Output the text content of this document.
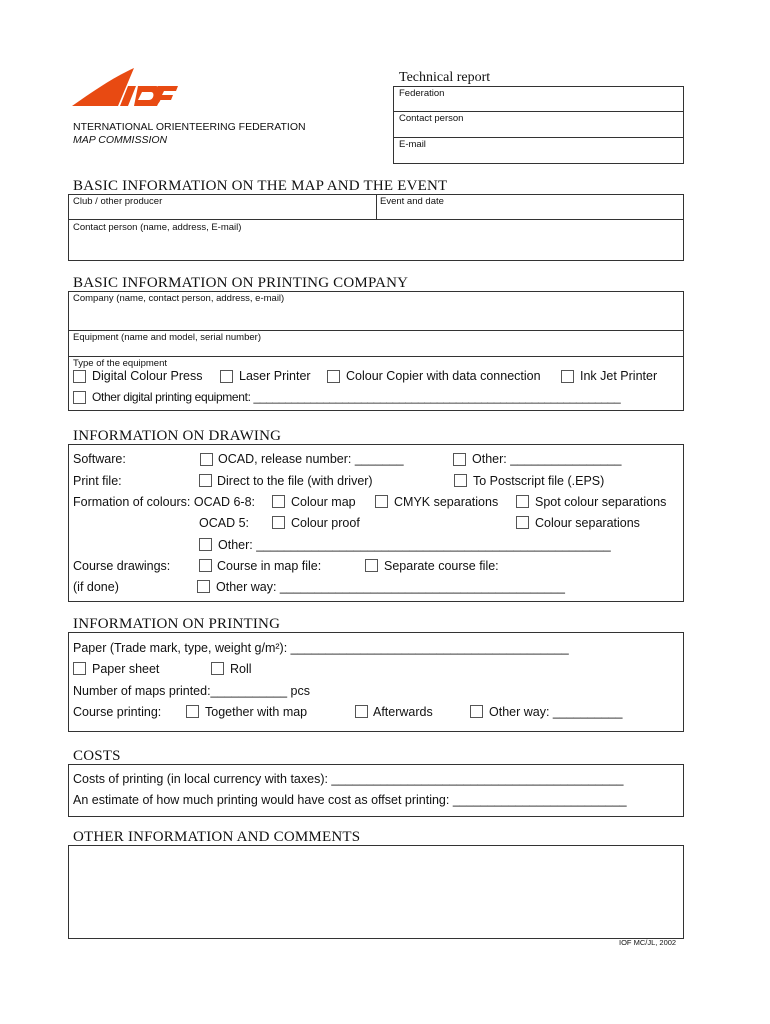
IOF
Technical report
Federation
Contact person
E-mail
NTERNATIONAL ORIENTEERING FEDERATION
MAP COMMISSION
BASIC INFORMATION ON THE MAP AND THE EVENT
Club / other producer	Event and date
Contact person (name, address, E-mail)
BASIC INFORMATION ON PRINTING COMPANY
Company (name, contact person, address, e-mail)
Equipment (name and model, serial number)
Type of the equipment
Digital Colour Press	Laser Printer	Colour Copier with data connection	Ink Jet Printer
Other digital printing equipment: __________________________________________________________
INFORMATION ON DRAWING
Software:	OCAD, release number: _______	Other: ________________
Print file:	Direct to the file (with driver)	To Postscript file (.EPS)
Formation of colours: OCAD 6-8:	Colour map	CMYK separations	Spot colour separations
OCAD 5:	Colour proof	Colour separations
Other: ___________________________________________________
Course drawings:	Course in map file:	Separate course file:
(if done)	Other way: _________________________________________
INFORMATION ON PRINTING
Paper (Trade mark, type, weight g/m²): ________________________________________
Paper sheet	Roll
Number of maps printed:___________ pcs
Course printing:	Together with map	Afterwards	Other way: __________
COSTS
Costs of printing (in local currency with taxes): __________________________________________
An estimate of how much printing would have cost as offset printing: _________________________
OTHER INFORMATION AND COMMENTS
IOF MC/JL, 2002
